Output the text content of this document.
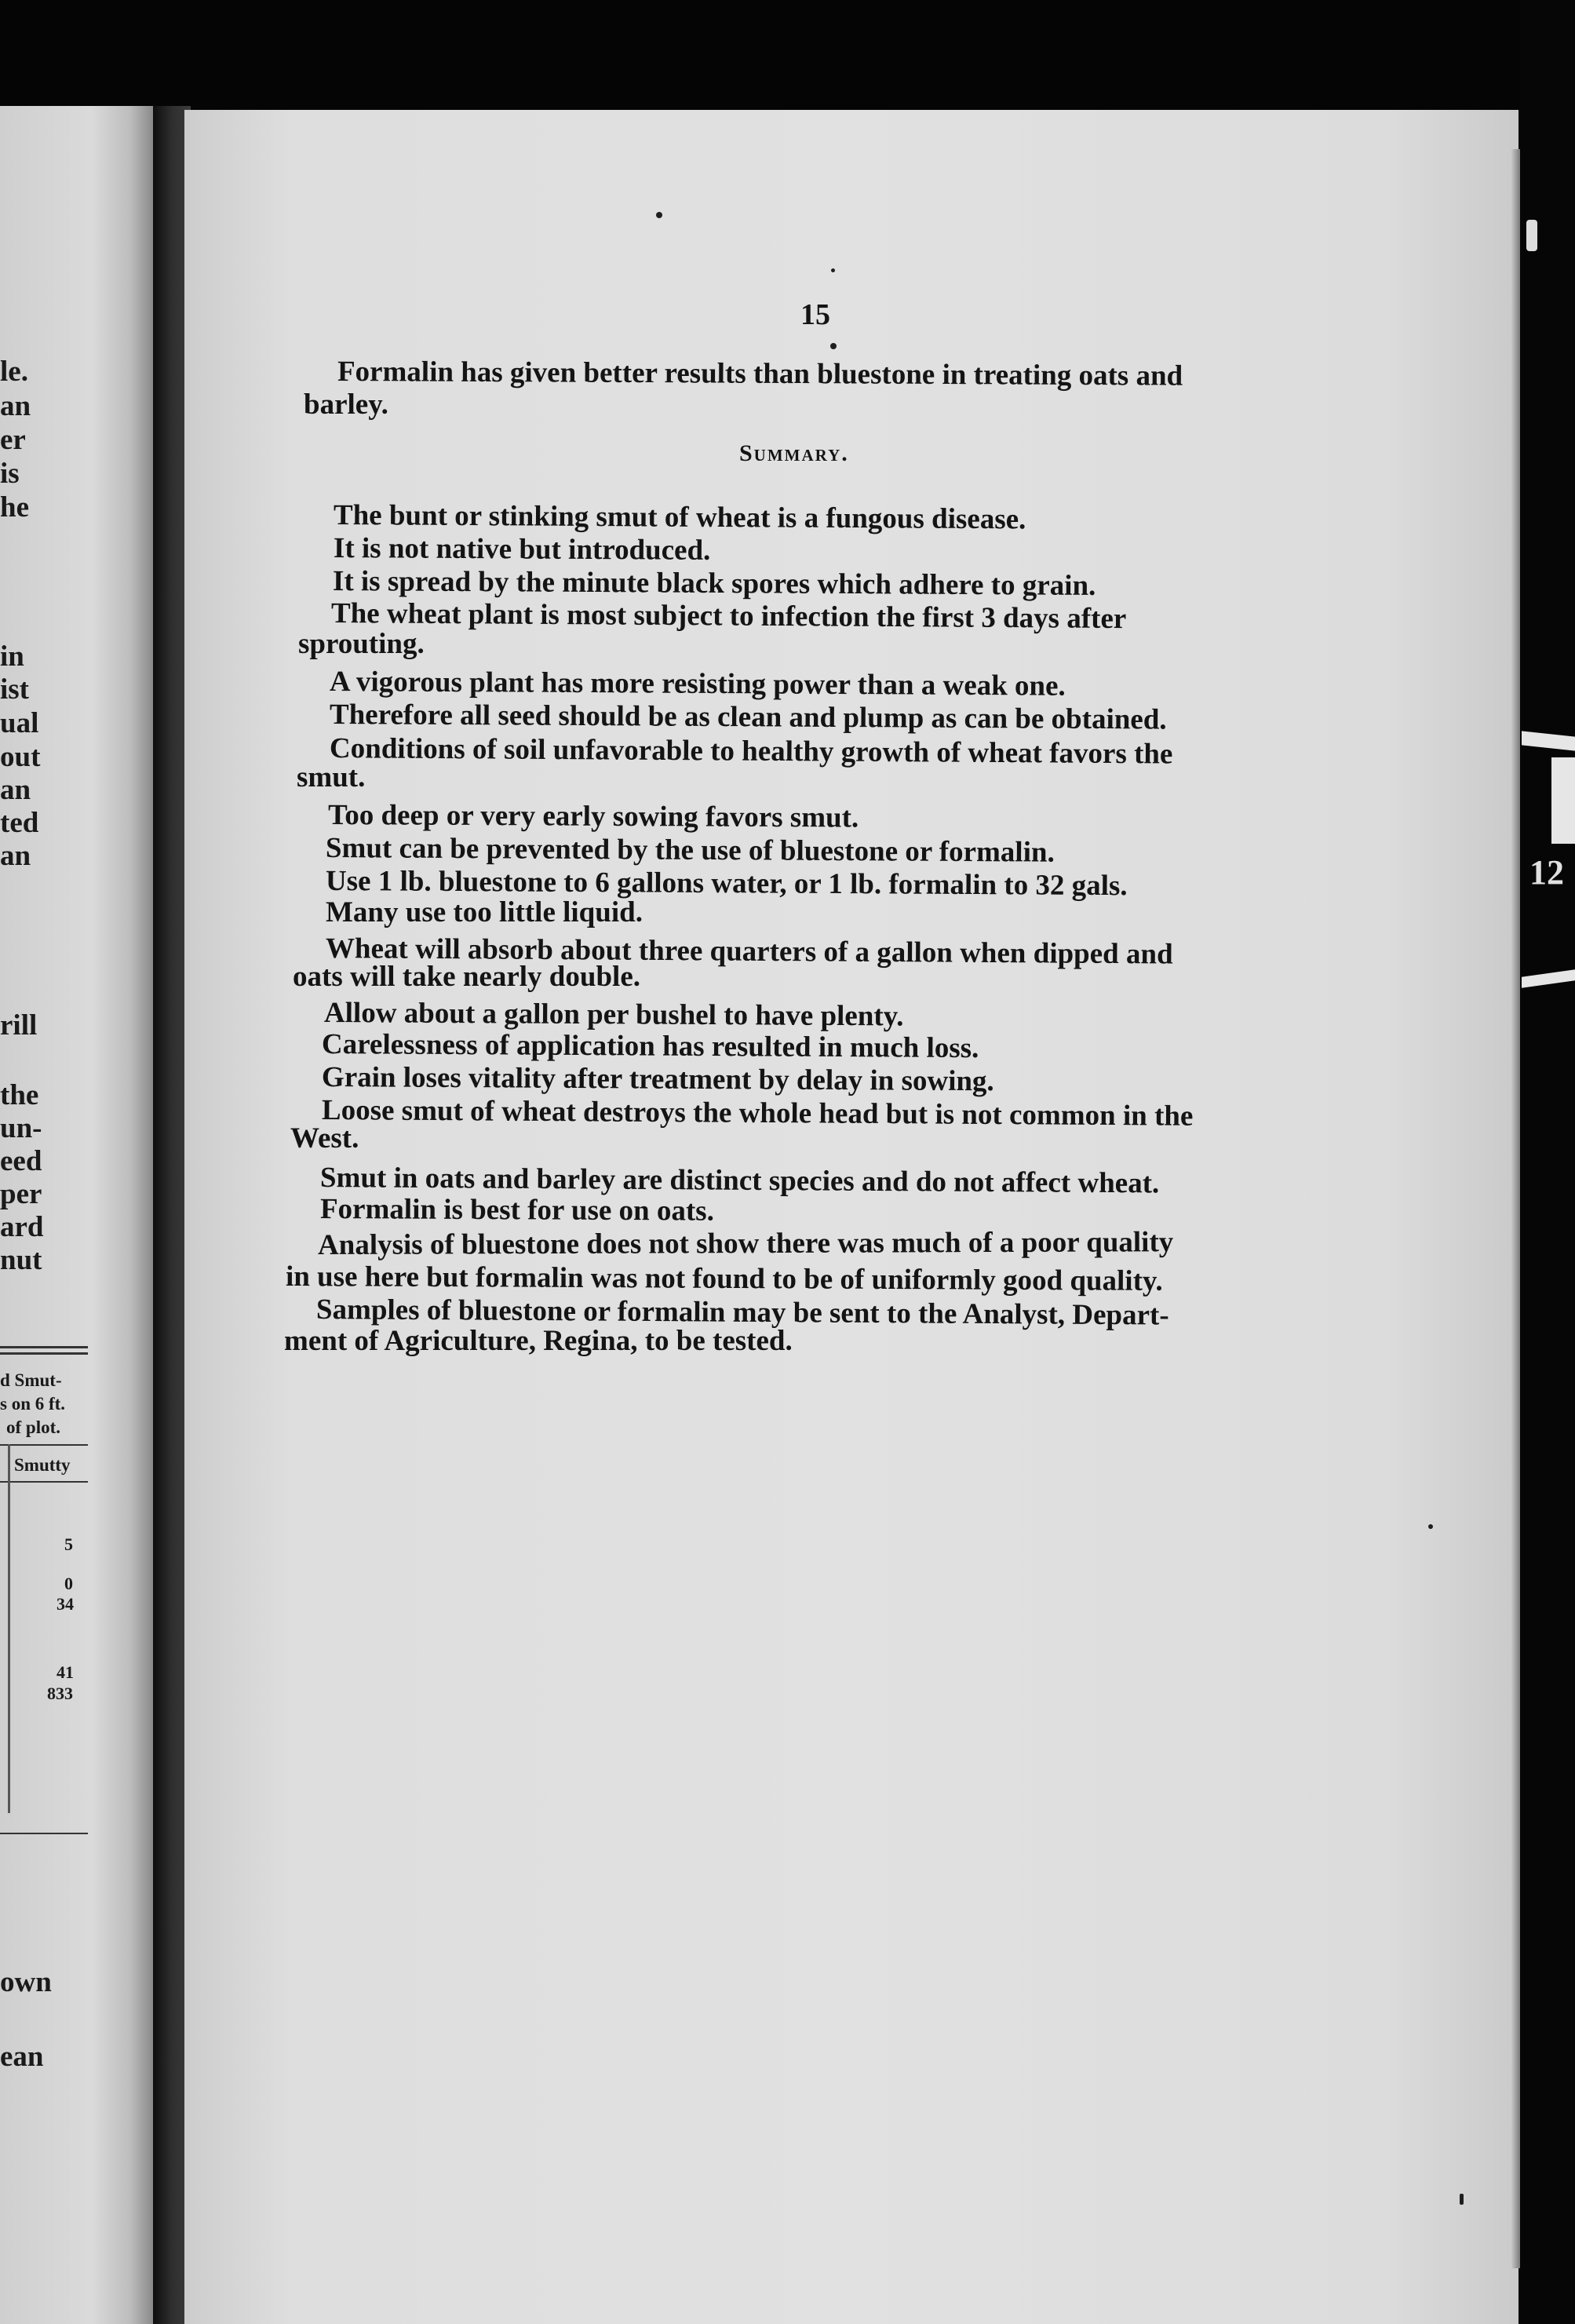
le.
an
er
is
he
in
ist
ual
out
an
ted
an
rill
the
un-
eed
per
ard
nut
own
ean
d Smut-
s on 6 ft.
of plot.
Smutty
5
0
34
41
833
12
15
Formalin has given better results than bluestone in treating oats and
barley.
Summary.
The bunt or stinking smut of wheat is a fungous disease.
It is not native but introduced.
It is spread by the minute black spores which adhere to grain.
The wheat plant is most subject to infection the first 3 days after
sprouting.
A vigorous plant has more resisting power than a weak one.
Therefore all seed should be as clean and plump as can be obtained.
Conditions of soil unfavorable to healthy growth of wheat favors the
smut.
Too deep or very early sowing favors smut.
Smut can be prevented by the use of bluestone or formalin.
Use 1 lb. bluestone to 6 gallons water, or 1 lb. formalin to 32 gals.
Many use too little liquid.
Wheat will absorb about three quarters of a gallon when dipped and
oats will take nearly double.
Allow about a gallon per bushel to have plenty.
Carelessness of application has resulted in much loss.
Grain loses vitality after treatment by delay in sowing.
Loose smut of wheat destroys the whole head but is not common in the
West.
Smut in oats and barley are distinct species and do not affect wheat.
Formalin is best for use on oats.
Analysis of bluestone does not show there was much of a poor quality
in use here but formalin was not found to be of uniformly good quality.
Samples of bluestone or formalin may be sent to the Analyst, Depart-
ment of Agriculture, Regina, to be tested.
